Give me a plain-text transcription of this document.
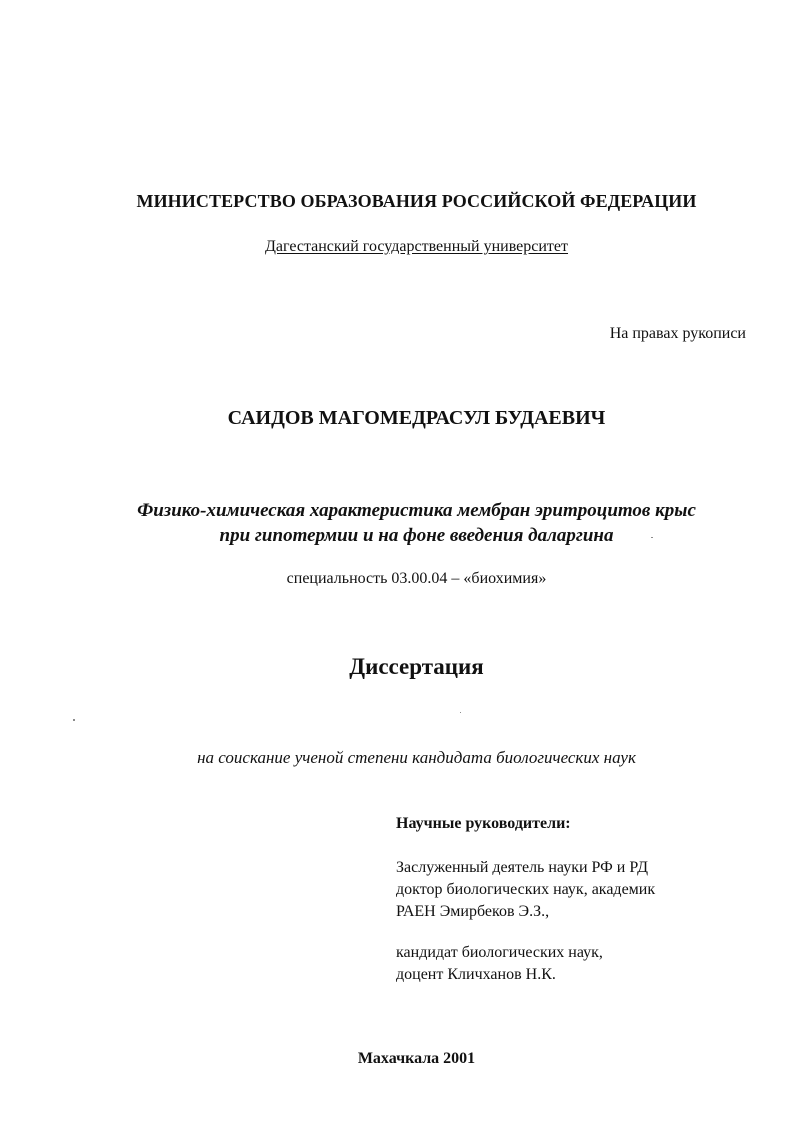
МИНИСТЕРСТВО ОБРАЗОВАНИЯ РОССИЙСКОЙ ФЕДЕРАЦИИ
Дагестанский государственный университет
На правах рукописи
САИДОВ МАГОМЕДРАСУЛ БУДАЕВИЧ
Физико-химическая характеристика мембран эритроцитов крыс
при гипотермии и на фоне введения даларгина
специальность 03.00.04 – «биохимия»
Диссертация
на соискание ученой степени кандидата биологических наук
Научные руководители:
Заслуженный деятель науки РФ и РД
доктор биологических наук, академик
РАЕН Эмирбеков Э.З.,
кандидат биологических наук,
доцент Кличханов Н.К.
Махачкала 2001
